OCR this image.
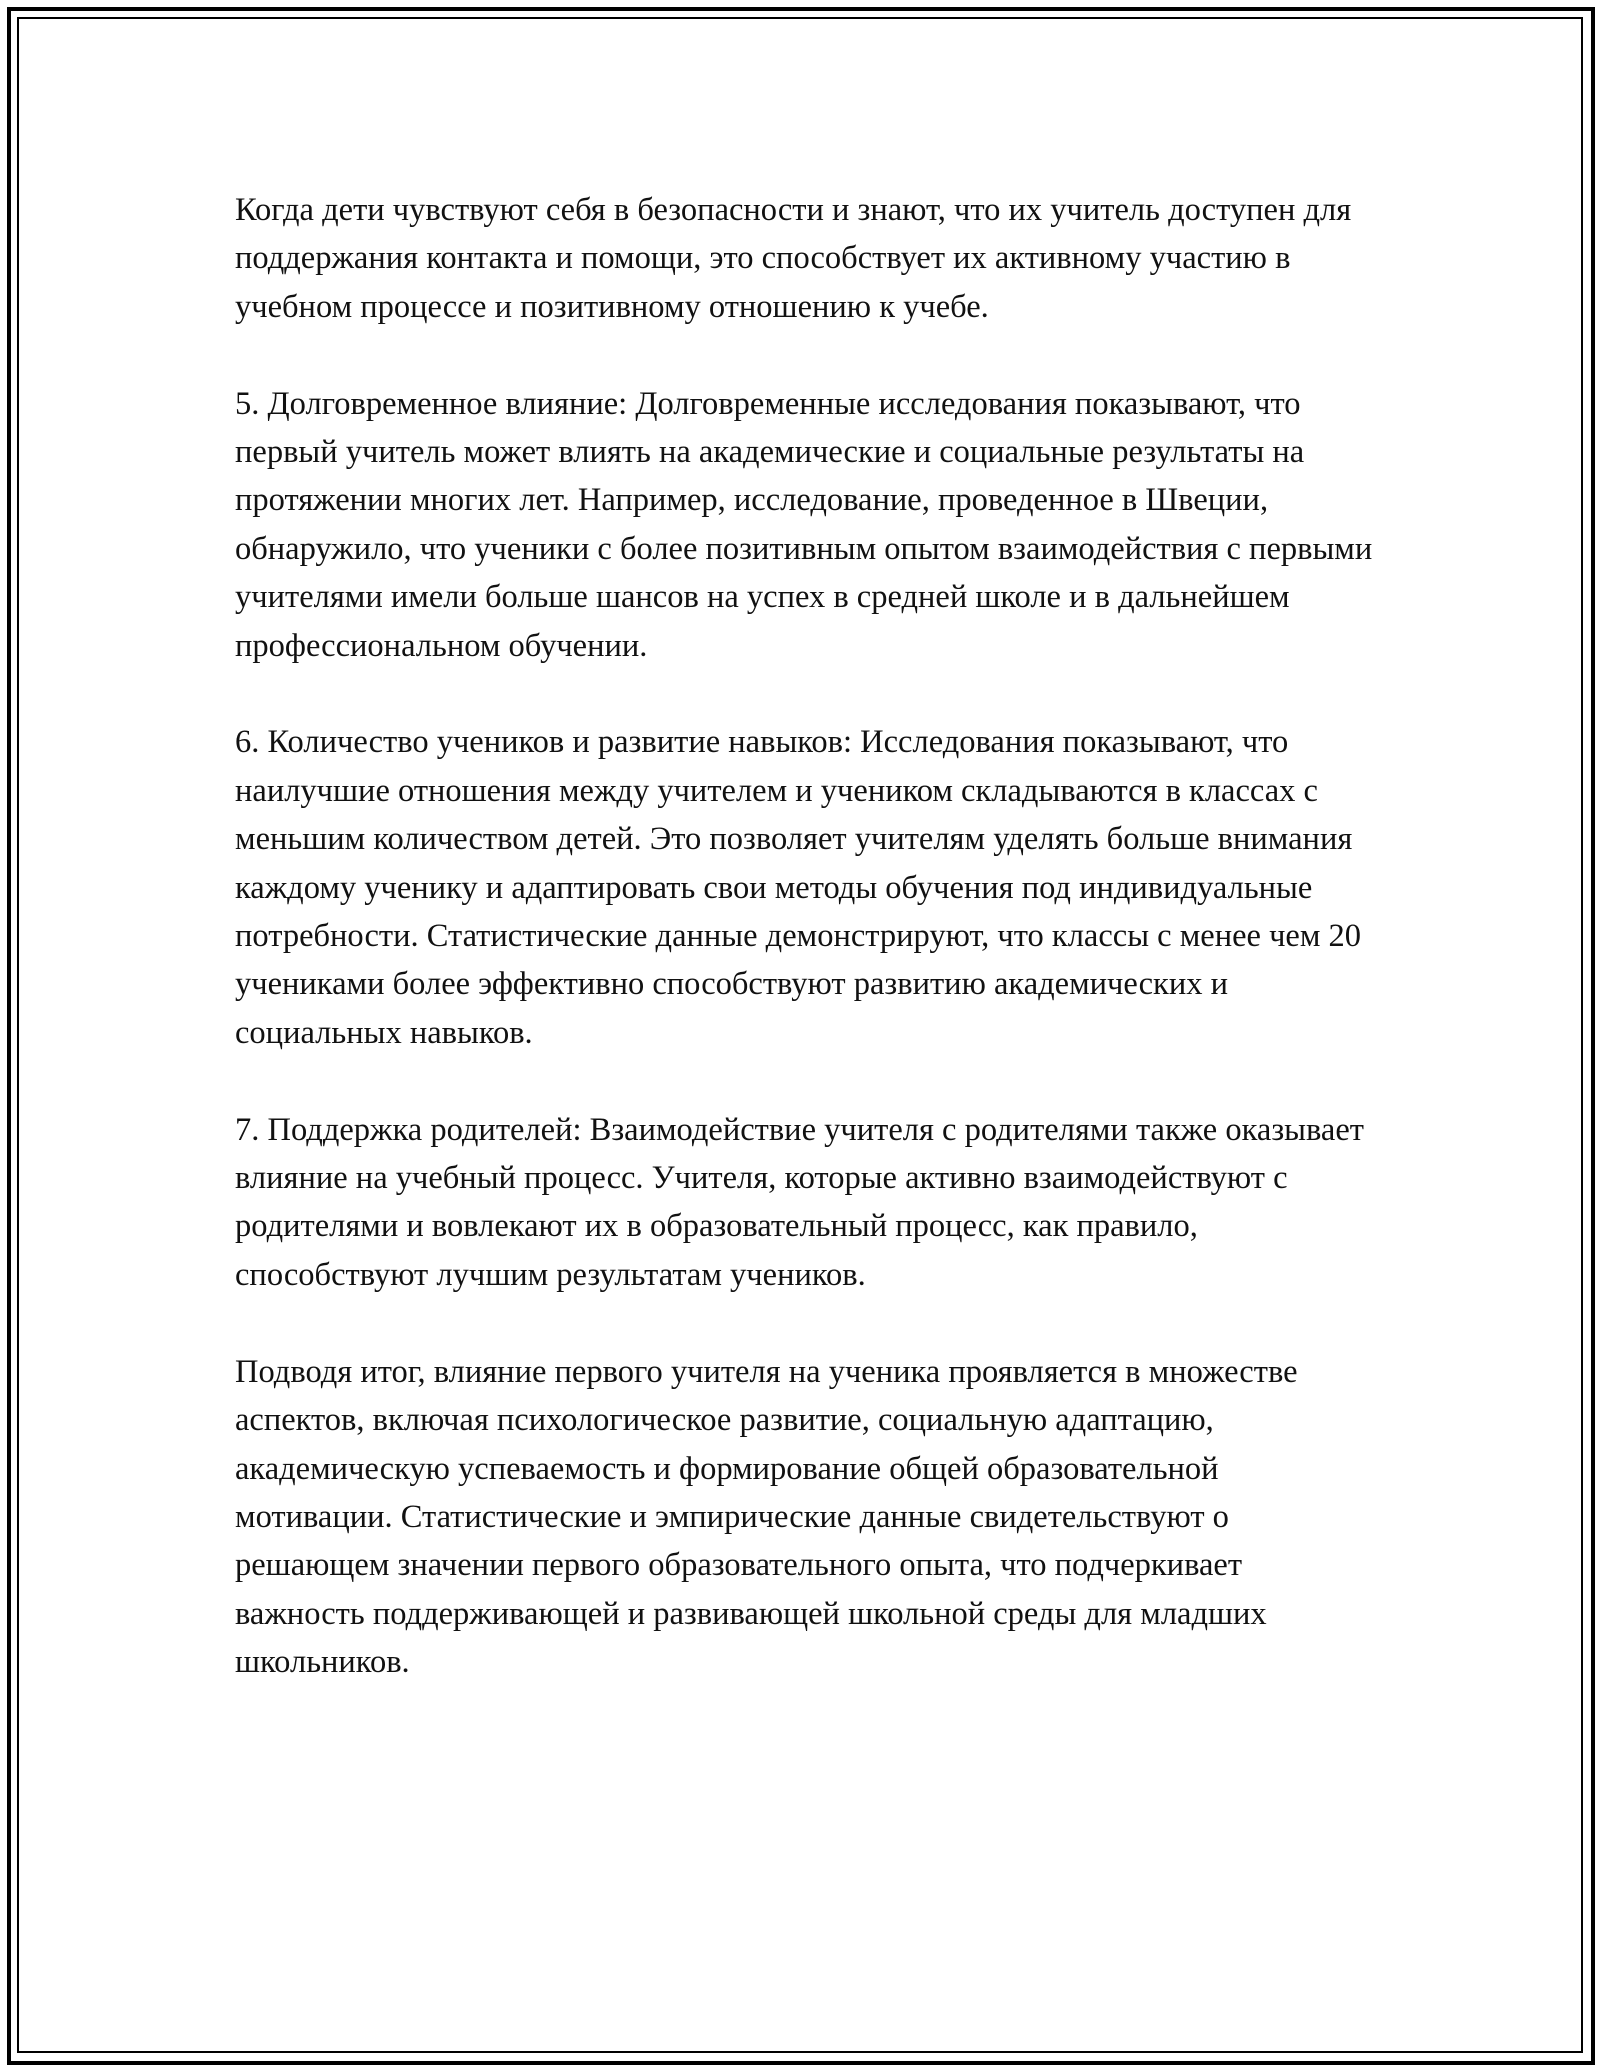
Когда дети чувствуют себя в безопасности и знают, что их учитель доступен для поддержания контакта и помощи, это способствует их активному участию в учебном процессе и позитивному отношению к учебе.

5. Долговременное влияние: Долговременные исследования показывают, что первый учитель может влиять на академические и социальные результаты на протяжении многих лет. Например, исследование, проведенное в Швеции, обнаружило, что ученики с более позитивным опытом взаимодействия с первыми учителями имели больше шансов на успех в средней школе и в дальнейшем профессиональном обучении.

6. Количество учеников и развитие навыков: Исследования показывают, что наилучшие отношения между учителем и учеником складываются в классах с меньшим количеством детей. Это позволяет учителям уделять больше внимания каждому ученику и адаптировать свои методы обучения под индивидуальные потребности. Статистические данные демонстрируют, что классы с менее чем 20 учениками более эффективно способствуют развитию академических и социальных навыков.

7. Поддержка родителей: Взаимодействие учителя с родителями также оказывает влияние на учебный процесс. Учителя, которые активно взаимодействуют с родителями и вовлекают их в образовательный процесс, как правило, способствуют лучшим результатам учеников.

Подводя итог, влияние первого учителя на ученика проявляется в множестве аспектов, включая психологическое развитие, социальную адаптацию, академическую успеваемость и формирование общей образовательной мотивации. Статистические и эмпирические данные свидетельствуют о решающем значении первого образовательного опыта, что подчеркивает важность поддерживающей и развивающей школьной среды для младших школьников.
